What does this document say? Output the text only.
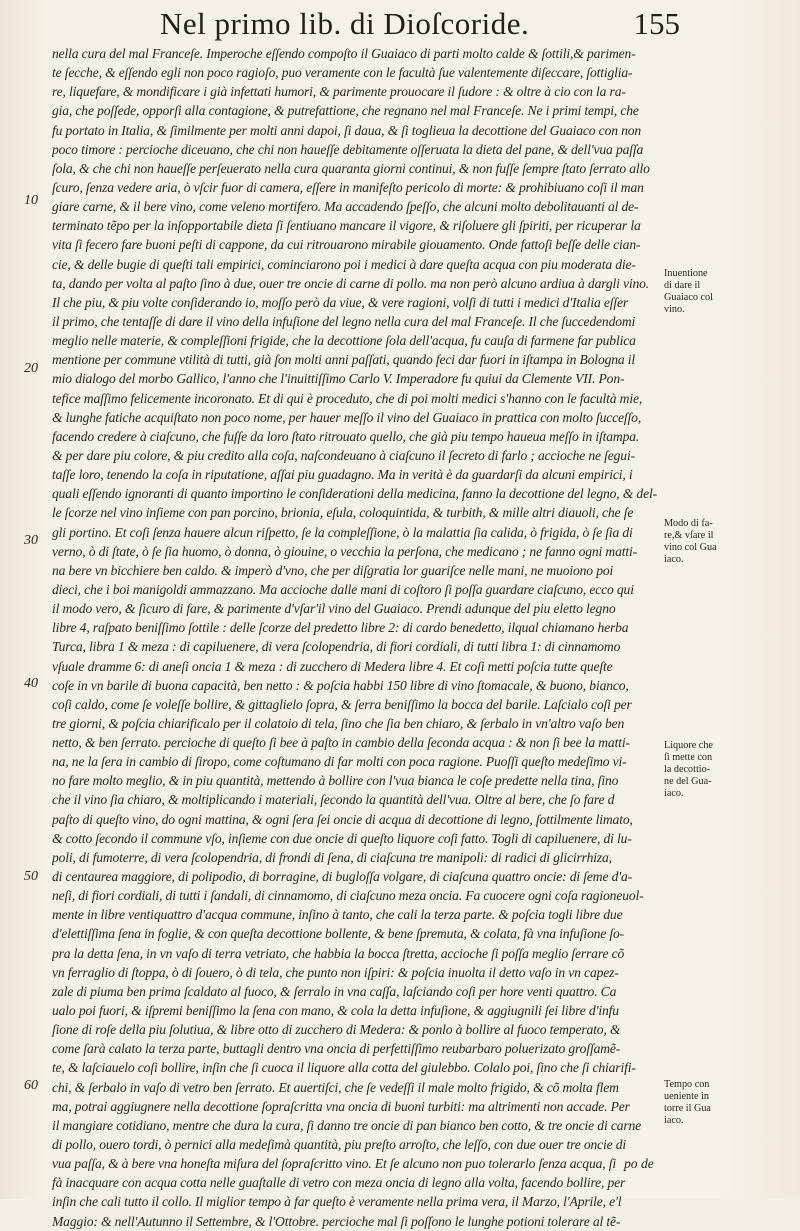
Nel primo lib. di Dioſcoride.	155
nella cura del mal Franceſe. Imperoche eſſendo compoſto il Guaiaco di parti molto calde & ſottili,& parimen-
te ſecche, & eſſendo egli non poco ragioſo, puo veramente con le facultà ſue valentemente diſeccare, ſottiglia-
re, liquefare, & mondificare i già infettati humori, & parimente prouocare il ſudore : & oltre à cio con la ra-
gia, che poſſede, opporſi alla contagione, & putrefattione, che regnano nel mal Franceſe. Ne i primi tempi, che
fu portato in Italia, & ſimilmente per molti anni dapoi, ſi daua, & ſi toglieua la decottione del Guaiaco con non
poco timore : percioche diceuano, che chi non haueſſe debitamente oſſeruata la dieta del pane, & dell'vua paſſa
ſola, & che chi non haueſſe perſeuerato nella cura quaranta giorni continui, & non fuſſe ſempre ſtato ſerrato allo
ſcuro, ſenza vedere aria, ò vſcir fuor di camera, eſſere in manifeſto pericolo di morte: & prohibiuano coſi il man
giare carne, & il bere vino, come veleno mortifero. Ma accadendo ſpeſſo, che alcuni molto debolitauanti al de-
terminato tẽpo per la inſopportabile dieta ſi ſentiuano mancare il vigore, & riſoluere gli ſpiriti, per ricuperar la
vita ſi fecero fare buoni peſti di cappone, da cui ritrouarono mirabile giouamento. Onde fattoſi beſſe delle cian-
cie, & delle bugie di queſti tali empirici, cominciarono poi i medici à dare queſta acqua con piu moderata die-
ta, dando per volta al paſto ſino à due, ouer tre oncie di carne di pollo. ma non però alcuno ardiua à dargli vino.
Il che piu, & piu volte conſiderando io, moſſo però da viue, & vere ragioni, volſi di tutti i medici d'Italia eſſer
il primo, che tentaſſe di dare il vino della infuſione del legno nella cura del mal Franceſe. Il che ſuccedendomi
meglio nelle materie, & compleſſioni frigide, che la decottione ſola dell'acqua, fu cauſa di farmene far publica
mentione per commune vtilità di tutti, già ſon molti anni paſſati, quando feci dar fuori in iſtampa in Bologna il
mio dialogo del morbo Gallico, l'anno che l'inuittiſſimo Carlo V. Imperadore fu quiui da Clemente VII. Pon-
tefice maſſimo felicemente incoronato. Et di qui è proceduto, che di poi molti medici s'hanno con le facultà mie,
& lunghe fatiche acquiſtato non poco nome, per hauer meſſo il vino del Guaiaco in prattica con molto ſucceſſo,
facendo credere à ciaſcuno, che fuſſe da loro ſtato ritrouato quello, che già piu tempo haueua meſſo in iſtampa.
& per dare piu colore, & piu credito alla coſa, naſcondeuano à ciaſcuno il ſecreto di farlo ; accioche ne ſegui-
taſſe loro, tenendo la coſa in riputatione, aſſai piu guadagno. Ma in verità è da guardarſi da alcuni empirici, i
quali eſſendo ignoranti di quanto importino le conſiderationi della medicina, fanno la decottione del legno, & del-
le ſcorze nel vino inſieme con pan porcino, brionia, eſula, coloquintida, & turbith, & mille altri diauoli, che ſe
gli portino. Et coſi ſenza hauere alcun riſpetto, ſe la compleſſione, ò la malattia ſia calida, ò frigida, ò ſe ſia di
verno, ò di ſtate, ò ſe ſia huomo, ò donna, ò giouine, o vecchia la perſona, che medicano ; ne fanno ogni matti-
na bere vn bicchiere ben caldo. & imperò d'vno, che per diſgratia lor guariſce nelle mani, ne muoiono poi
dieci, che i boi manigoldi ammazzano. Ma accioche dalle mani di coſtoro ſi poſſa guardare ciaſcuno, ecco qui
il modo vero, & ſicuro di fare, & parimente d'vſar'il vino del Guaiaco. Prendi adunque del piu eletto legno
libre 4, raſpato beniſſimo ſottile : delle ſcorze del predetto libre 2: di cardo benedetto, ilqual chiamano herba
Turca, libra 1 & meza : di capiluenere, di vera ſcolopendria, di fiori cordiali, di tutti libra 1: di cinnamomo
vſuale dramme 6: di aneſi oncia 1 & meza : di zucchero di Medera libre 4. Et coſi metti poſcia tutte queſte
coſe in vn barile di buona capacità, ben netto : & poſcia habbi 150 libre di vino ſtomacale, & buono, bianco,
coſi caldo, come ſe voleſſe bollire, & gittaglielo ſopra, & ſerra beniſſimo la bocca del barile. Laſcialo coſi per
tre giorni, & poſcia chiarificalo per il colatoio di tela, ſino che ſia ben chiaro, & ſerbalo in vn'altro vaſo ben
netto, & ben ſerrato. percioche di queſto ſi bee à paſto in cambio della ſeconda acqua : & non ſi bee la matti-
na, ne la ſera in cambio di ſiropo, come coſtumano di far molti con poca ragione. Puoſſi queſto medeſimo vi-
no fare molto meglio, & in piu quantità, mettendo à bollire con l'vua bianca le coſe predette nella tina, ſino
che il vino ſia chiaro, & moltiplicando i materiali, ſecondo la quantità dell'vua. Oltre al bere, che ſo fare d
paſto di queſto vino, do ogni mattina, & ogni ſera ſei oncie di acqua di decottione di legno, ſottilmente limato,
& cotto ſecondo il commune vſo, inſieme con due oncie di queſto liquore coſi fatto. Togli di capiluenere, di lu-
poli, di fumoterre, di vera ſcolopendria, di frondi di ſena, di ciaſcuna tre manipoli: di radici di glicirrhiza,
di centaurea maggiore, di polipodio, di borragine, di bugloſſa volgare, di ciaſcuna quattro oncie: di ſeme d'a-
neſi, di fiori cordiali, di tutti i ſandali, di cinnamomo, di ciaſcuno meza oncia. Fa cuocere ogni coſa ragioneuol-
mente in libre ventiquattro d'acqua commune, inſino à tanto, che cali la terza parte. & poſcia togli libre due
d'elettiſſima ſena in foglie, & con queſta decottione bollente, & bene ſpremuta, & colata, fà vna infuſione ſo-
pra la detta ſena, in vn vaſo di terra vetriato, che habbia la bocca ſtretta, accioche ſi poſſa meglio ſerrare cõ
vn ferraglio di ſtoppa, ò di ſouero, ò di tela, che punto non iſpiri: & poſcia inuolta il detto vaſo in vn capez-
zale di piuma ben prima ſcaldato al fuoco, & ſerralo in vna caſſa, laſciando coſi per hore venti quattro. Ca
ualo poi fuori, & iſpremi beniſſimo la ſena con mano, & cola la detta infuſione, & aggiugnili ſei libre d'infu
ſione di roſe della piu ſolutiua, & libre otto di zucchero di Medera: & ponlo à bollire al fuoco temperato, &
come ſarà calato la terza parte, buttagli dentro vna oncia di perfettiſſimo reubarbaro poluerizato groſſamẽ-
te, & laſciauelo coſi bollire, inſin che ſi cuoca il liquore alla cotta del giulebbo. Colalo poi, ſino che ſi chiarifi-
chi, & ſerbalo in vaſo di vetro ben ſerrato. Et auertiſci, che ſe vedeſſi il male molto frigido, & cõ molta flem
ma, potrai aggiugnere nella decottione ſopraſcritta vna oncia di buoni turbiti: ma altrimenti non accade. Per
il mangiare cotidiano, mentre che dura la cura, ſi danno tre oncie di pan bianco ben cotto, & tre oncie di carne
di pollo, ouero tordi, ò pernici alla medeſimà quantità, piu preſto arroſto, che leſſo, con due ouer tre oncie di
vua paſſa, & à bere vna honeſta miſura del ſopraſcritto vino. Et ſe alcuno non puo tolerarlo ſenza acqua, ſi
fà inacquare con acqua cotta nelle guaſtalle di vetro con meza oncia di legno alla volta, facendo bollire, per
inſin che cali tutto il collo. Il miglior tempo à far queſto è veramente nella prima vera, il Marzo, l'Aprile, e'l
Maggio: & nell'Autunno il Settembre, & l'Ottobre. percioche mal ſi poſſono le lunghe potioni tolerare al tẽ-
10
20
30
40
50
60
Inuentione
di dare il
Guaiaco col
vino.
Modo di fa-
re,& vſare il
vino col Gua
iaco.
Liquore che
ſi mette con
la decottio-
ne del Gua-
iaco.
Tempo con
ueniente in
torre il Gua
iaco.
po de
